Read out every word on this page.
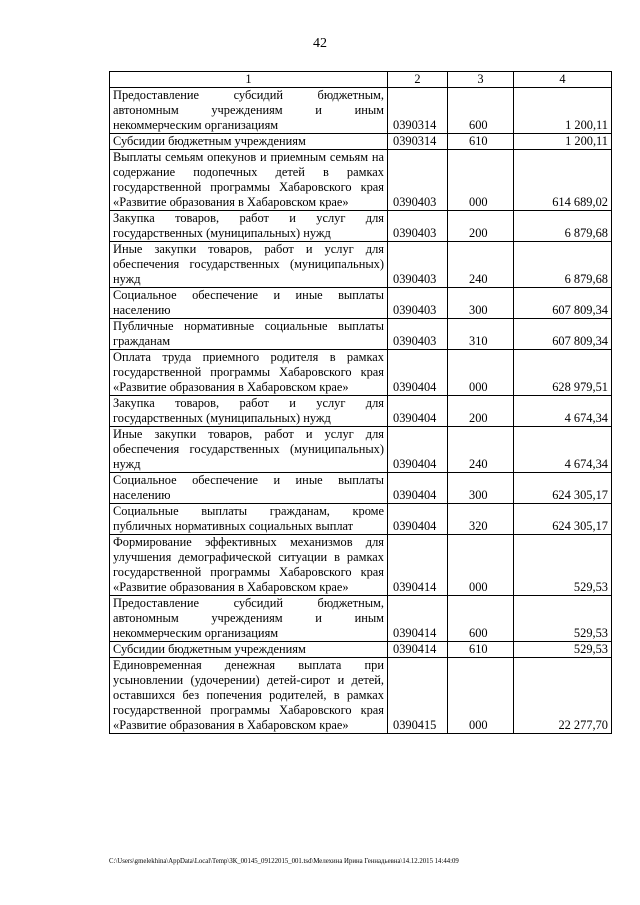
42
1	2	3	4
Предоставление субсидий бюджетным, автономным учреждениям и иным некоммерческим организациям	0390314	600	1 200,11
Субсидии бюджетным учреждениям	0390314	610	1 200,11
Выплаты семьям опекунов и приемным семьям на содержание подопечных детей в рамках государственной программы Хабаровского края «Развитие образования в Хабаровском крае»	0390403	000	614 689,02
Закупка товаров, работ и услуг для государственных (муниципальных) нужд	0390403	200	6 879,68
Иные закупки товаров, работ и услуг для обеспечения государственных (муниципальных) нужд	0390403	240	6 879,68
Социальное обеспечение и иные выплаты населению	0390403	300	607 809,34
Публичные нормативные социальные выплаты гражданам	0390403	310	607 809,34
Оплата труда приемного родителя в рамках государственной программы Хабаровского края «Развитие образования в Хабаровском крае»	0390404	000	628 979,51
Закупка товаров, работ и услуг для государственных (муниципальных) нужд	0390404	200	4 674,34
Иные закупки товаров, работ и услуг для обеспечения государственных (муниципальных) нужд	0390404	240	4 674,34
Социальное обеспечение и иные выплаты населению	0390404	300	624 305,17
Социальные выплаты гражданам, кроме публичных нормативных социальных выплат	0390404	320	624 305,17
Формирование эффективных механизмов для улучшения демографической ситуации в рамках государственной программы Хабаровского края «Развитие образования в Хабаровском крае»	0390414	000	529,53
Предоставление субсидий бюджетным, автономным учреждениям и иным некоммерческим организациям	0390414	600	529,53
Субсидии бюджетным учреждениям	0390414	610	529,53
Единовременная денежная выплата при усыновлении (удочерении) детей-сирот и детей, оставшихся без попечения родителей, в рамках государственной программы Хабаровского края «Развитие образования в Хабаровском крае»	0390415	000	22 277,70
C:\Users\gmelekhina\AppData\Local\Temp\ЗК_00145_09122015_001.tsd\Мелехина Ирина Геннадьевна\14.12.2015 14:44:09
